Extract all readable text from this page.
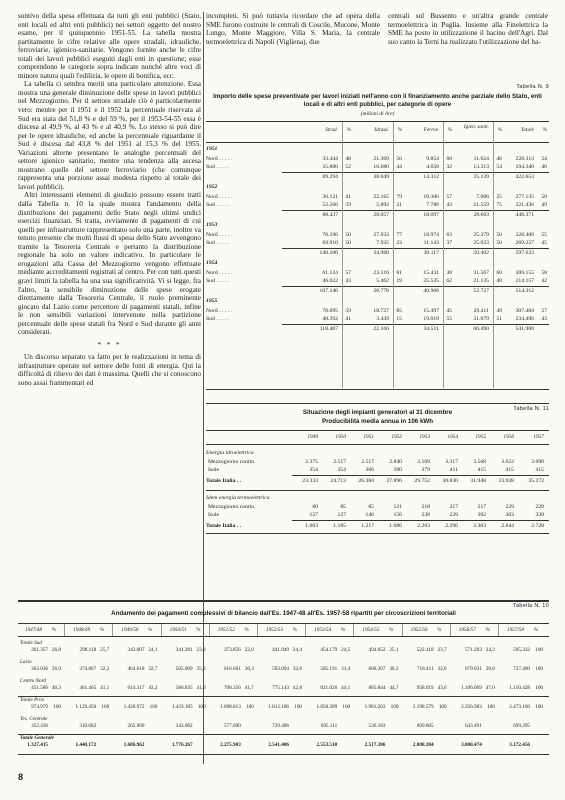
suntivo della spesa effettuata da tutti gli enti pubblici (Stato, enti locali ed altri enti pubblici) nei settori oggetto del nostro esame, per il quinquennio 1951-55. La tabella mostra partitamente le cifre relative alle opere stradali, idrauliche, ferroviarie, igienico-sanitarie. Vengono fornite anche le cifre totali dei lavori pubblici eseguiti dagli enti in questione; esse comprendono le categorie sopra indicate nonché altre voci di minore natura quali l'edilizia, le opere di bonifica, ecc.

La tabella ci sembra meriti una particolare attenzione. Essa mostra una generale diminuzione delle spese in lavori pubblici nel Mezzogiorno. Per il settore stradale ciò è particolarmente vero: mentre per il 1951 e il 1952 la percentuale riservata al Sud era stata del 51,8 % e del 59 %, per il 1953-54-55 essa è discesa al 49,9 %, al 43 % e al 40,9 %. Lo stesso si può dire per le opere idrauliche, ed anche la percentuale riguardante il Sud è discesa dal 43,8 % del 1951 al 15,3 % del 1955. Variazioni alterne presentano le analoghe percentuali del settore igienico sanitario, mentre una tendenza alla ascesa mostrano quelle del settore ferroviario (che comunque rappresenta una porzione assai modesta rispetto al totale dei lavori pubblici).

Altri interessanti elementi di giudizio possono essere tratti dalla Tabella n. 10 la quale mostra l'andamento della distribuzione dei pagamenti dello Stato negli ultimi undici esercizi finanziari. Si tratta, ovviamente di pagamenti di cui quelli per infrastrutture rappresentano solo una parte, inoltre va tenuto presente che molti flussi di spesa dello Stato avvengono tramite la Tesoreria Centrale e pertanto la distribuzione regionale ha solo un valore indicativo. In particolare le erogazioni alla Cassa del Mezzogiorno vengono effettuate mediante accreditamenti registrati al centro. Per con tutti questi gravi limiti la tabella ha una sua significatività. Vi si legge, fra l'altro, la sensibile diminuzione delle spese erogate direttamente dalla Tesoreria Centrale, il ruolo preminente giocato dal Lazio come percettore di pagamenti statali, infine le non sensibili variazioni intervenute nella partizione percentuale delle spese statali fra Nord e Sud durante gli anni considerati.

* * *

Un discorso separato va fatto per le realizzazioni in tema di infrastrutture operate nel settore delle fonti di energia. Qui la difficoltà di rilievo dei dati è massima. Quelli che si conoscono sono assai frammentari ed

incompleti. Si può tuttavia ricordare che ad opera della SME furono costruite le centrali di Coscile, Mucone, Monte Lungo, Monte Maggiore, Villa S. Maria, la centrale termoelettrica di Napoli (Vigliena), due

centrali sul Bussento e un'altra grande centrale termoelettrica in Puglia. Insieme alla Finelettrica la SME ha posto in utilizzazione il bacino dell'Agri. Dal suo canto la Terni ha realizzato l'utilizzazione del ba-

Tabella N. 9
Importo delle spese preventivate per lavori iniziati nell'anno con il finanziamento anche parziale dello Stato, enti locali e di altri enti pubblici, per categorie di opere
(milioni di lire)
Strad. %	Idraul. %	Ferrov. % Igien. sanit. %	Totale %
1951
Nord . . . . .	33.444 48	21.369 56	9.854 68	11.624 46 228.313 54
Sud . . . . .	35.880 52	16.680 44	4.658 32	13.313 54 194.340 46
69.294	38.049	14.312	25.139	422.653
1952
Nord . . . . .	36.121 41	22.165 79	10.306 57	7.066 25 277.135 50
Sud . . . . .	52.266 59	5.892 21	7.786 43	21.559 75 221.436 49
88.437	28.057	18.097	28.603	448.371
1953
Nord . . . . .	70.196 50	27.033 77	18.974 63	25.379 50 328.406 55
Sud . . . . .	69.910 50	7.935 23	11.143 37	25.023 50 269.227 45
140.106	34.968	30.117	50.402	597.633
1954
Nord . . . . .	61.124 57	23.316 81	15.431 38	31.567 60 300.155 58
Sud . . . . .	46.022 43	5.462 19	25.535 62	21.135 40 214.157 42
107.146	28.778	40.966	52.727	514.312
1955
Nord . . . . .	70.095 59	18.727 85	15.497 45	29.411 49 307.404 57
Sud . . . . .	48.392 41	3.439 15	19.019 55	31.079 51 234.496 43
118.487	22.166	34.511	60.490	541.900
Tabella N. 11
Situazione degli impianti generatori al 31 dicembre
Producibilità media annua in 106 kWh
1949	1950	1951	1952	1953	1954	1955	1956	1957
Energia idroelettrica
Mezzogiorno contin.	2.375	2.517	2.517	2.840	3.169	3.317	3.568	3.622	3.690
Isole	354	354	366	390	379	411	415	415	415
Totale Italia . .	23.333 24.713 26.384 27.896 29.752 30.830 31.948 33.928	35.272
Idem energia termoelettrica
Mezzogiorno contin.	80	85	85	121	218	217	217	229	229
Isole	127	127	146	156	238	239	302	303	339
Totale Italia . .	1.063	1.185	1.217	1.686	2.263	2.296	2.363	2.644	2.728
Tabella N. 10
Andamento dei pagamenti complessivi di bilancio dall'Es. 1947-48 all'Es. 1957-58 ripartiti per circoscrizioni territoriali
1947/48 %	1948/49 %	1949/50 %	1950/51 %	1951/52 %	1952/53 %	1953/54 %	1954/55 %	1955/56 %	1956/57 %	1957/58 %
Totale Sud
261.357 26,8	298.118 25,7	342.007 24,1	341.281 23,8	373.856 22,0	441.949 24,4	454.179 24,5	494.052 25,1	522.418 23,7	571.283 24,2	595.332 100
Lazio
362.036 26,9	374.867 32,2	464.618 32,7	505.069 35,2	616.601 36,3	593.094 32,8	585.191 31,4	606.307 30,2	718.411 32,6	679.031 28,8	727.400 100
Centro Nord
451.586 46,3	461.465 41,1	614.317 43,2	586.835 41,0	708.356 41,7	775.143 42,8	821.026 44,1	885.844 44,7	958.019 43,6	1.106.669 47,0	1.150.428 100
Totale Prov.
974.979 100	1.129.450 100	1.420.972 100	1.433.185 100	1.698.813 100	1.812.186 100	1.858.399 100	1.981.203 100	2.198.579 100	2.356.983 100	2.473.160 100
Tes. Centrale
352.436	310.682	265.900	343.082	577.090	729.406	695.111	536.183	609.805	643.491	699.295
Totale Generale
1.327.415	1.440.172	1.686.962	1.776.267	2.275.903	2.541.406	2.553.510	2.517.386	2.808.384	3.000.474	3.172.456
8
